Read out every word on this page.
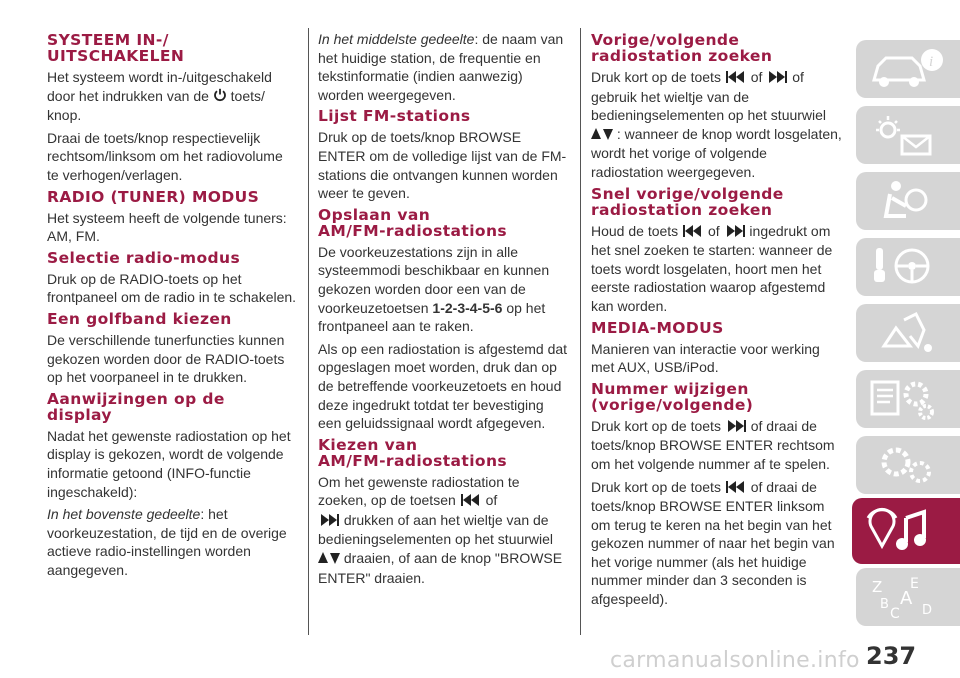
SYSTEEM IN-/
UITSCHAKELEN

Het systeem wordt in-/uitgeschakeld door het indrukken van de toets/ knop.

Draai de toets/knop respectievelijk rechtsom/linksom om het radiovolume te verhogen/verlagen.

RADIO (TUNER) MODUS

Het systeem heeft de volgende tuners: AM, FM.

Selectie radio-modus

Druk op de RADIO-toets op het frontpaneel om de radio in te schakelen.

Een golfband kiezen

De verschillende tunerfuncties kunnen gekozen worden door de RADIO-toets op het voorpaneel in te drukken.

Aanwijzingen op de
display

Nadat het gewenste radiostation op het display is gekozen, wordt de volgende informatie getoond (INFO-functie ingeschakeld):

In het bovenste gedeelte: het voorkeuzestation, de tijd en de overige actieve radio-instellingen worden aangegeven.

In het middelste gedeelte: de naam van het huidige station, de frequentie en tekstinformatie (indien aanwezig) worden weergegeven.

Lijst FM-stations

Druk op de toets/knop BROWSE ENTER om de volledige lijst van de FM-stations die ontvangen kunnen worden weer te geven.

Opslaan van
AM/FM-radiostations

De voorkeuzestations zijn in alle systeemmodi beschikbaar en kunnen gekozen worden door een van de voorkeuzetoetsen 1-2-3-4-5-6 op het frontpaneel aan te raken.

Als op een radiostation is afgestemd dat opgeslagen moet worden, druk dan op de betreffende voorkeuzetoets en houd deze ingedrukt totdat ter bevestiging een geluidssignaal wordt afgegeven.

Kiezen van
AM/FM-radiostations

Om het gewenste radiostation te zoeken, op de toetsen of
drukken of aan het wieltje van de bedieningselementen op het stuurwiel
draaien, of aan de knop "BROWSE ENTER" draaien.

Vorige/volgende
radiostation zoeken

Druk kort op de toets of of gebruik het wieltje van de bedieningselementen op het stuurwiel
: wanneer de knop wordt losgelaten, wordt het vorige of volgende radiostation weergegeven.

Snel vorige/volgende
radiostation zoeken

Houd de toets of ingedrukt om het snel zoeken te starten: wanneer de toets wordt losgelaten, hoort men het eerste radiostation waarop afgestemd kan worden.

MEDIA-MODUS

Manieren van interactie voor werking met AUX, USB/iPod.

Nummer wijzigen
(vorige/volgende)

Druk kort op de toets of draai de toets/knop BROWSE ENTER rechtsom om het volgende nummer af te spelen.

Druk kort op de toets of draai de toets/knop BROWSE ENTER linksom om terug te keren na het begin van het gekozen nummer of naar het begin van het vorige nummer (als het huidige nummer minder dan 3 seconden is afgespeeld).

i
Z E
A
B
C D
237
carmanualsonline.info
